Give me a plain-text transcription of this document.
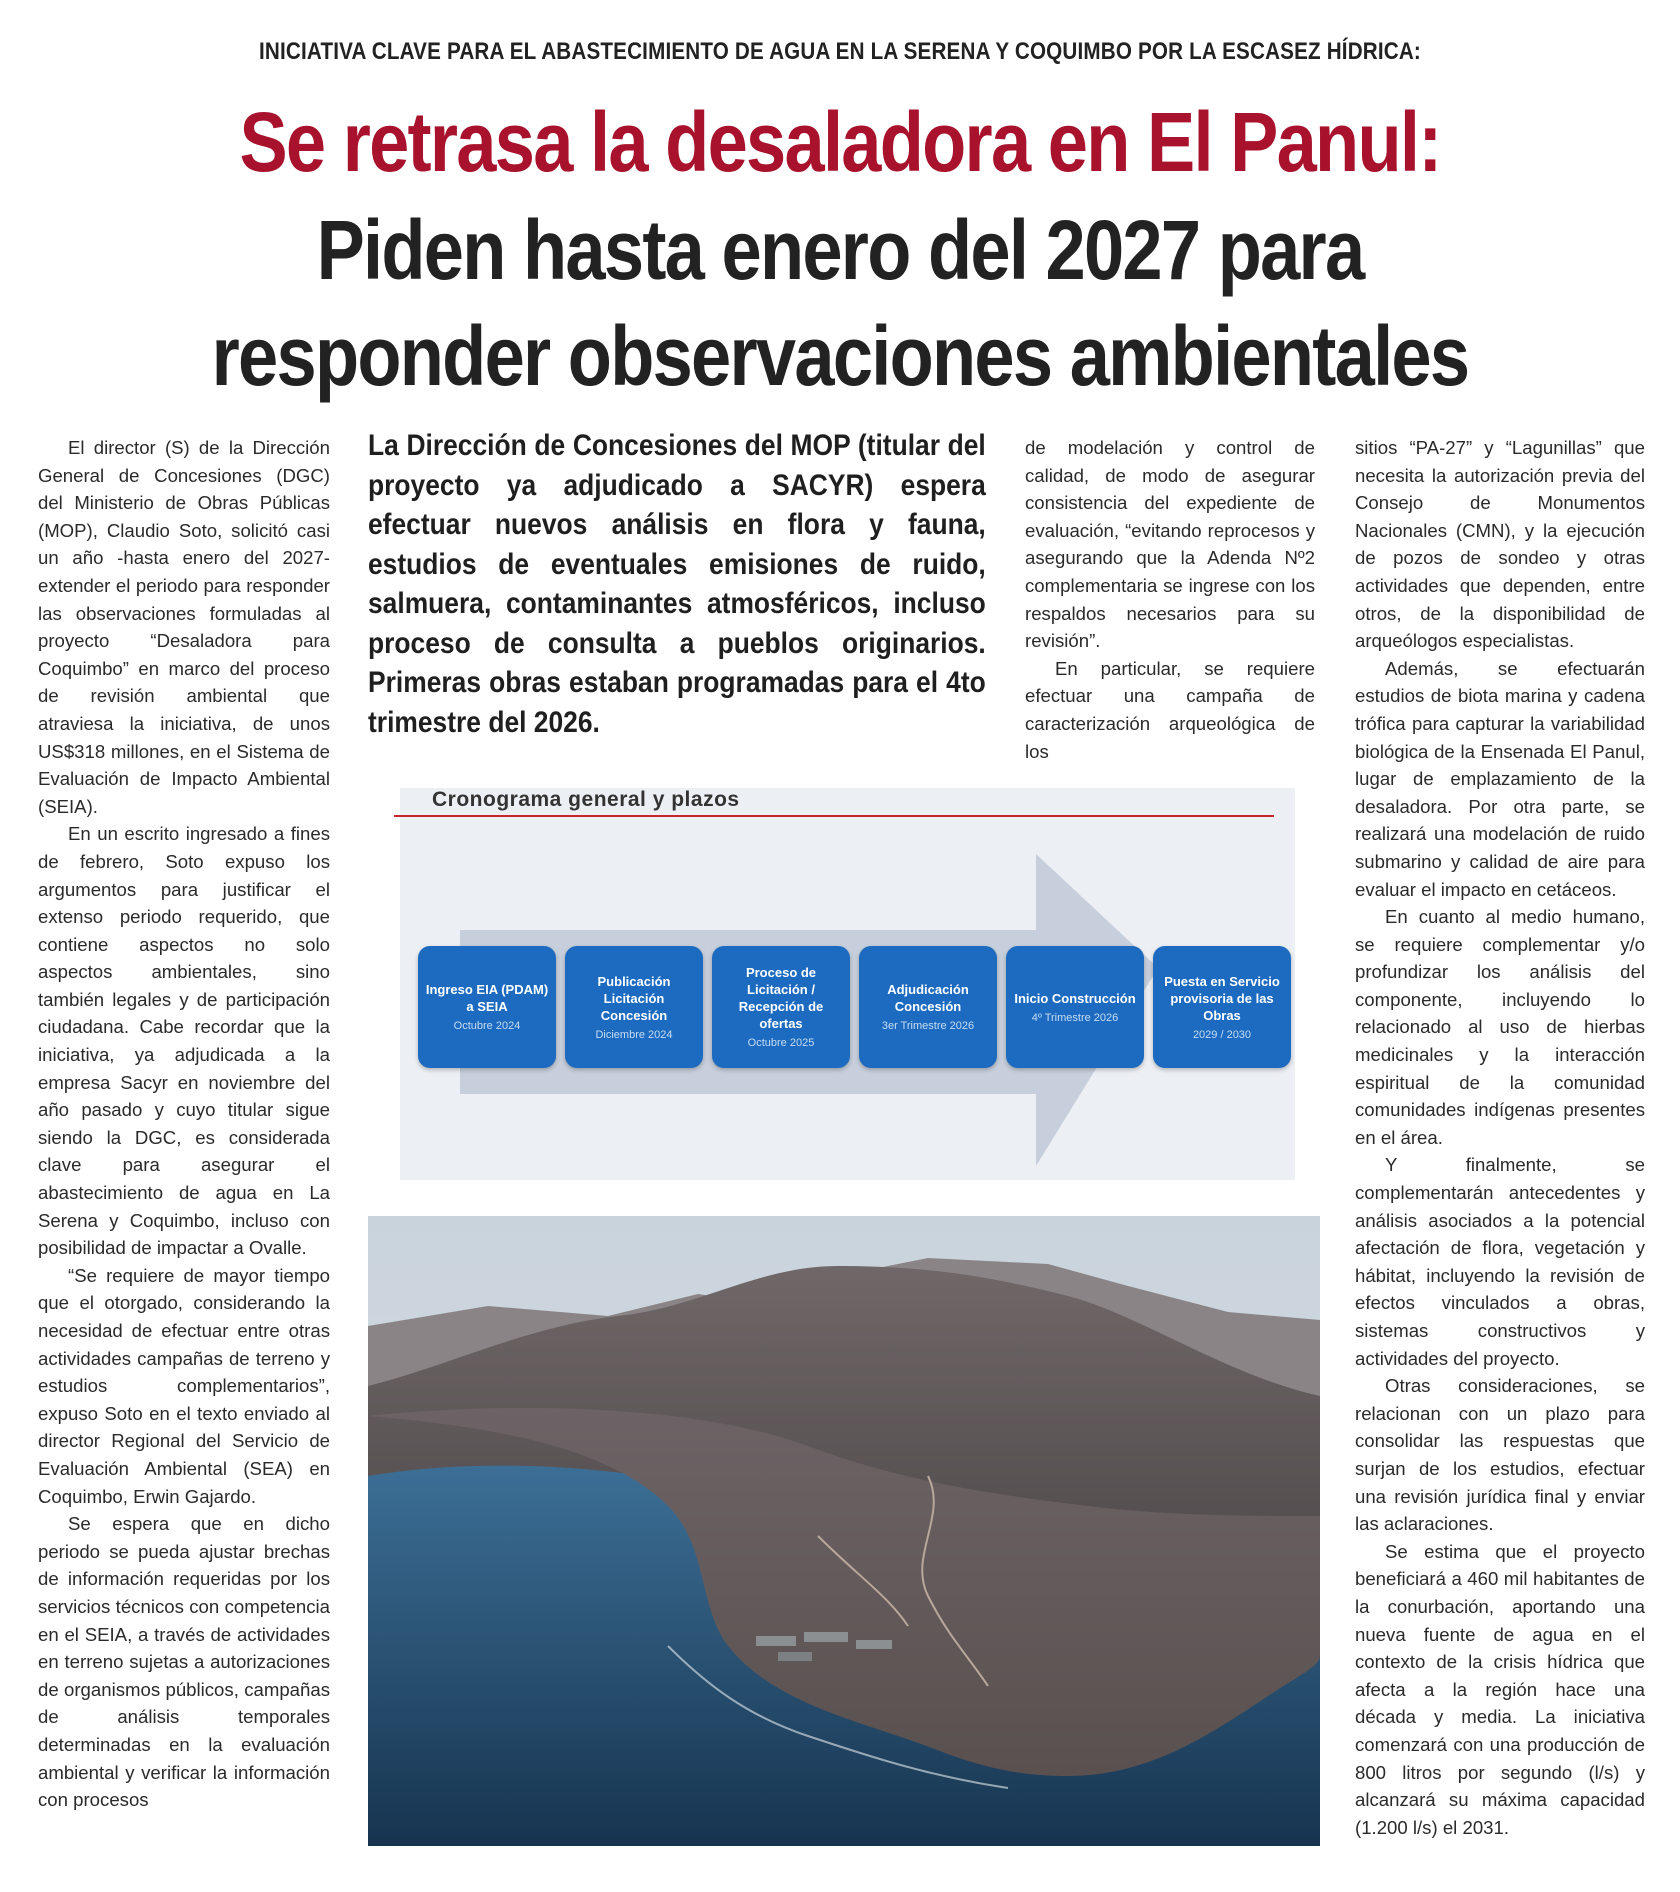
INICIATIVA CLAVE PARA EL ABASTECIMIENTO DE AGUA EN LA SERENA Y COQUIMBO POR LA ESCASEZ HÍDRICA:
Se retrasa la desaladora en El Panul:
Piden hasta enero del 2027 para
responder observaciones ambientales

El director (S) de la Dirección General de Concesiones (DGC) del Ministerio de Obras Públicas (MOP), Claudio Soto, solicitó casi un año -hasta enero del 2027- extender el periodo para responder las observaciones formuladas al proyecto “Desaladora para Coquimbo” en marco del proceso de revisión ambiental que atraviesa la iniciativa, de unos US$318 millones, en el Sistema de Evaluación de Impacto Ambiental (SEIA).

En un escrito ingresado a fines de febrero, Soto expuso los argumentos para justificar el extenso periodo requerido, que contiene aspectos no solo aspectos ambientales, sino también legales y de participación ciudadana. Cabe recordar que la iniciativa, ya adjudicada a la empresa Sacyr en noviembre del año pasado y cuyo titular sigue siendo la DGC, es considerada clave para asegurar el abastecimiento de agua en La Serena y Coquimbo, incluso con posibilidad de impactar a Ovalle.

“Se requiere de mayor tiempo que el otorgado, considerando la necesidad de efectuar entre otras actividades campañas de terreno y estudios complementarios”, expuso Soto en el texto enviado al director Regional del Servicio de Evaluación Ambiental (SEA) en Coquimbo, Erwin Gajardo.

Se espera que en dicho periodo se pueda ajustar brechas de información requeridas por los servicios técnicos con competencia en el SEIA, a través de actividades en terreno sujetas a autorizaciones de organismos públicos, campañas de análisis temporales determinadas en la evaluación ambiental y verificar la información con procesos

La Dirección de Concesiones del MOP (titular del proyecto ya adjudicado a SACYR) espera efectuar nuevos análisis en flora y fauna, estudios de eventuales emisiones de ruido, salmuera, contaminantes atmosféricos, incluso proceso de consulta a pueblos originarios. Primeras obras estaban programadas para el 4to trimestre del 2026.

de modelación y control de calidad, de modo de asegurar consistencia del expediente de evaluación, “evitando reprocesos y asegurando que la Adenda Nº2 complementaria se ingrese con los respaldos necesarios para su revisión”.

En particular, se requiere efectuar una campaña de caracterización arqueológica de los

sitios “PA-27” y “Lagunillas” que necesita la autorización previa del Consejo de Monumentos Nacionales (CMN), y la ejecución de pozos de sondeo y otras actividades que dependen, entre otros, de la disponibilidad de arqueólogos especialistas.

Además, se efectuarán estudios de biota marina y cadena trófica para capturar la variabilidad biológica de la Ensenada El Panul, lugar de emplazamiento de la desaladora. Por otra parte, se realizará una modelación de ruido submarino y calidad de aire para evaluar el impacto en cetáceos.

En cuanto al medio humano, se requiere complementar y/o profundizar los análisis del componente, incluyendo lo relacionado al uso de hierbas medicinales y la interacción espiritual de la comunidad comunidades indígenas presentes en el área.

Y finalmente, se complementarán antecedentes y análisis asociados a la potencial afectación de flora, vegetación y hábitat, incluyendo la revisión de efectos vinculados a obras, sistemas constructivos y actividades del proyecto.

Otras consideraciones, se relacionan con un plazo para consolidar las respuestas que surjan de los estudios, efectuar una revisión jurídica final y enviar las aclaraciones.

Se estima que el proyecto beneficiará a 460 mil habitantes de la conurbación, aportando una nueva fuente de agua en el contexto de la crisis hídrica que afecta a la región hace una década y media. La iniciativa comenzará con una producción de 800 litros por segundo (l/s) y alcanzará su máxima capacidad (1.200 l/s) el 2031.

Cronograma general y plazos
Ingreso EIA (PDAM) a SEIA
Octubre 2024
Publicación Licitación Concesión
Diciembre 2024
Proceso de Licitación / Recepción de ofertas
Octubre 2025
Adjudicación Concesión
3er Trimestre 2026
Inicio Construcción
4º Trimestre 2026
Puesta en Servicio provisoria de las Obras
2029 / 2030
